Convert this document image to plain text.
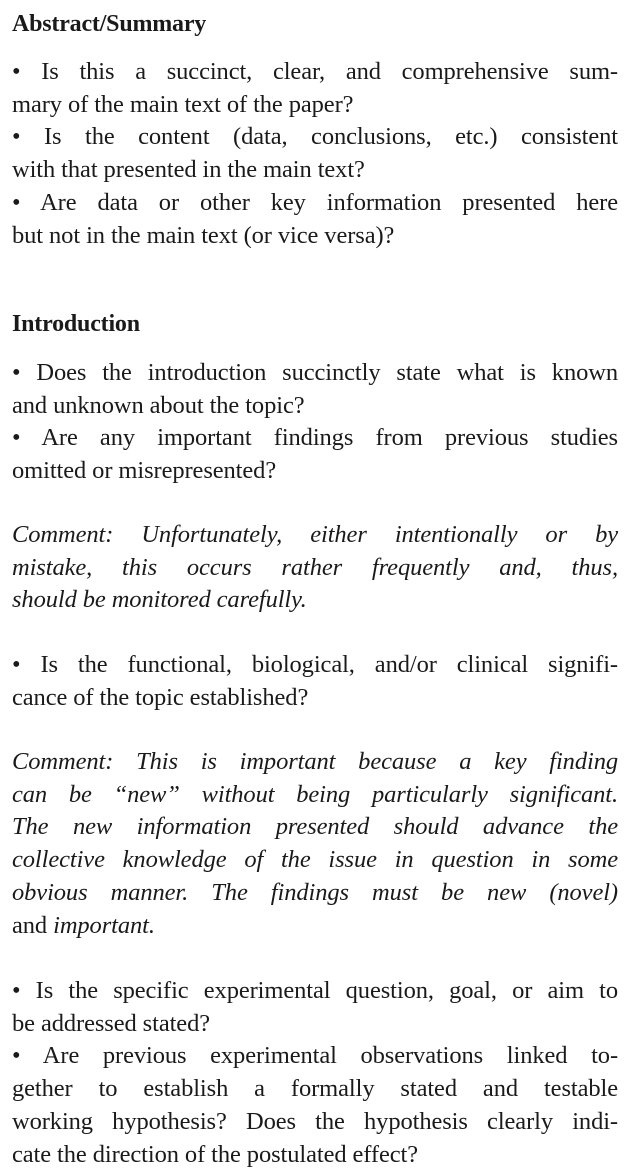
Abstract/Summary
• Is this a succinct, clear, and comprehensive sum-
mary of the main text of the paper?
• Is the content (data, conclusions, etc.) consistent
with that presented in the main text?
• Are data or other key information presented here
but not in the main text (or vice versa)?
Introduction
• Does the introduction succinctly state what is known
and unknown about the topic?
• Are any important findings from previous studies
omitted or misrepresented?
Comment: Unfortunately, either intentionally or by
mistake, this occurs rather frequently and, thus,
should be monitored carefully.
• Is the functional, biological, and/or clinical signifi-
cance of the topic established?
Comment: This is important because a key finding
can be “new” without being particularly significant.
The new information presented should advance the
collective knowledge of the issue in question in some
obvious manner. The findings must be new (novel)
and important.
• Is the specific experimental question, goal, or aim to
be addressed stated?
• Are previous experimental observations linked to-
gether to establish a formally stated and testable
working hypothesis? Does the hypothesis clearly indi-
cate the direction of the postulated effect?
